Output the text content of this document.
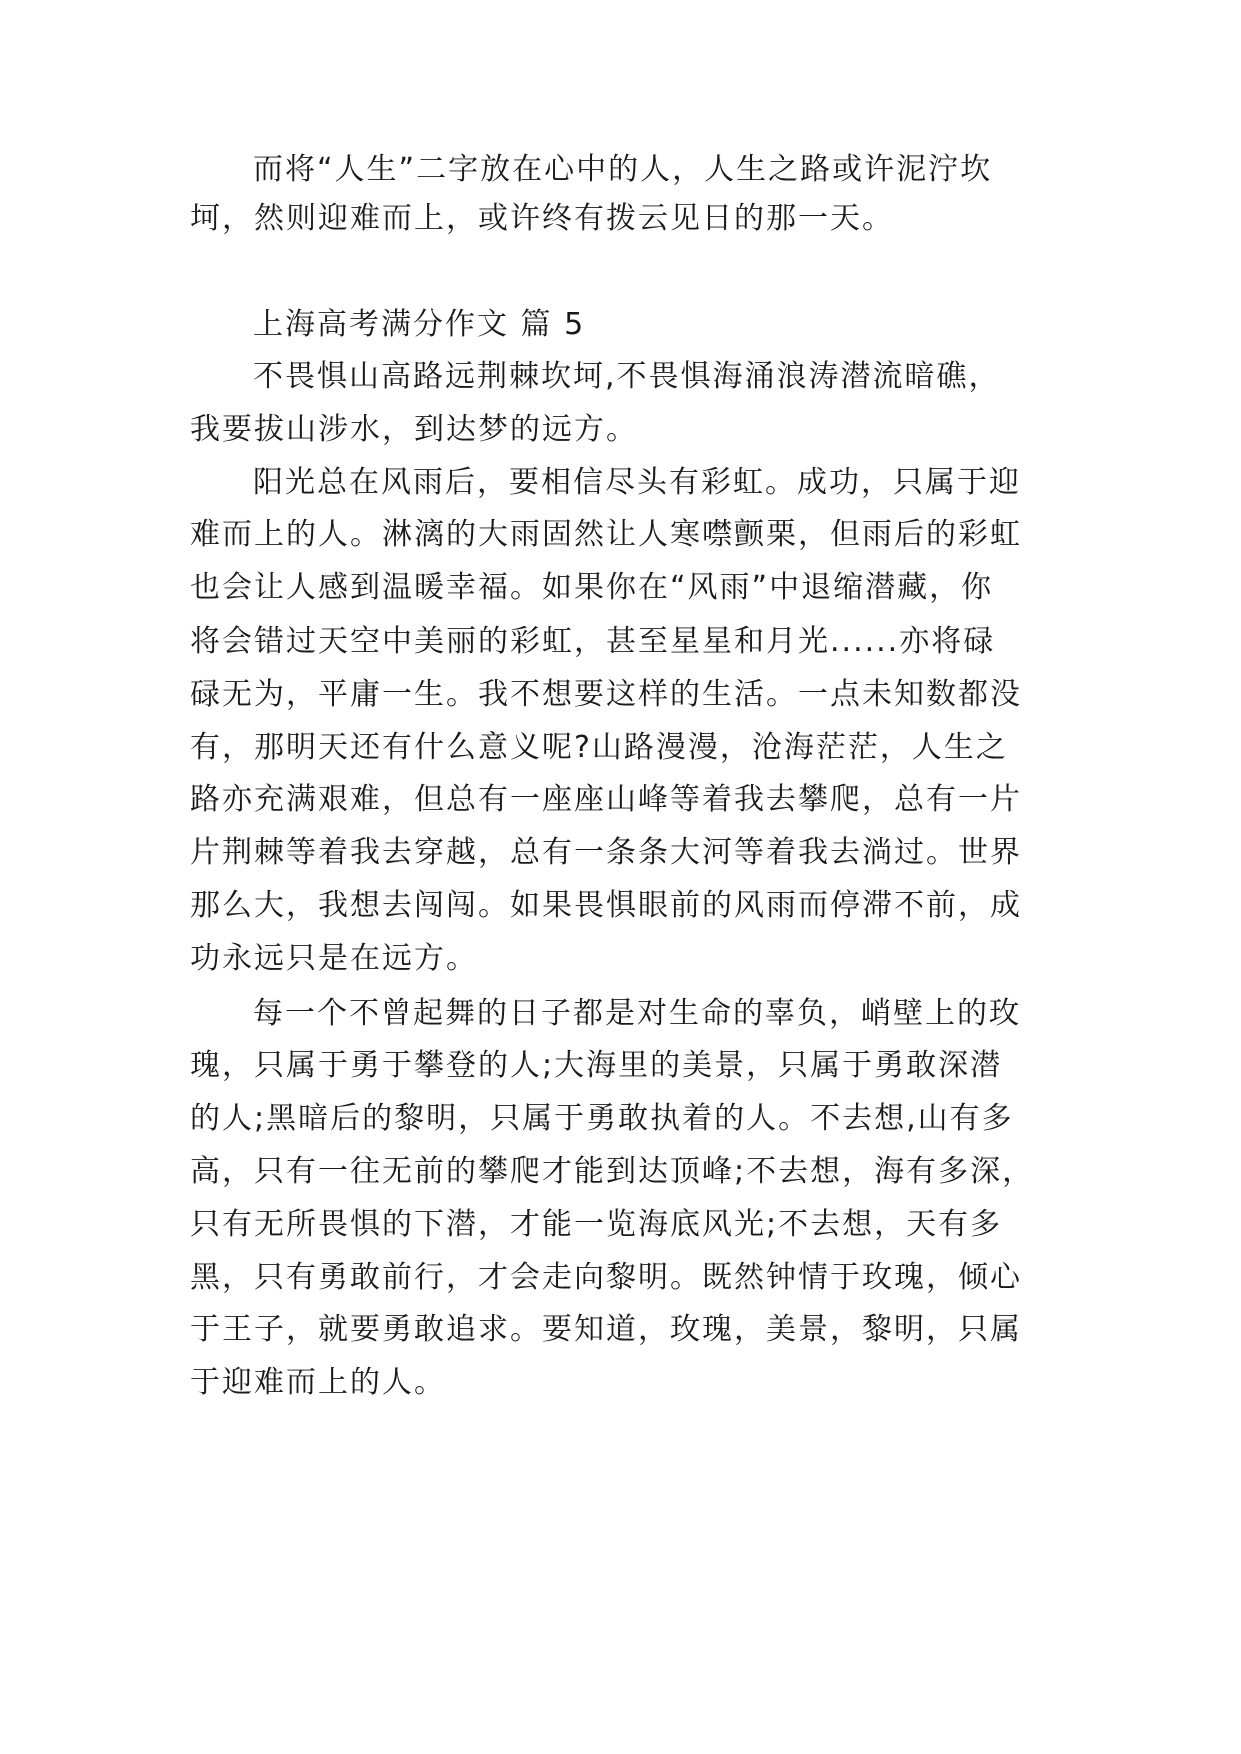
而将“人生”二字放在心中的人，人生之路或许泥泞坎
坷，然则迎难而上，或许终有拨云见日的那一天。
上海高考满分作文 篇 5
不畏惧山高路远荆棘坎坷,不畏惧海涌浪涛潜流暗礁，
我要拔山涉水，到达梦的远方。
阳光总在风雨后，要相信尽头有彩虹。成功，只属于迎
难而上的人。淋漓的大雨固然让人寒噤颤栗，但雨后的彩虹
也会让人感到温暖幸福。如果你在“风雨”中退缩潜藏，你
将会错过天空中美丽的彩虹，甚至星星和月光......亦将碌
碌无为，平庸一生。我不想要这样的生活。一点未知数都没
有，那明天还有什么意义呢?山路漫漫，沧海茫茫，人生之
路亦充满艰难，但总有一座座山峰等着我去攀爬，总有一片
片荆棘等着我去穿越，总有一条条大河等着我去淌过。世界
那么大，我想去闯闯。如果畏惧眼前的风雨而停滞不前，成
功永远只是在远方。
每一个不曾起舞的日子都是对生命的辜负，峭壁上的玫
瑰，只属于勇于攀登的人;大海里的美景，只属于勇敢深潜
的人;黑暗后的黎明，只属于勇敢执着的人。不去想,山有多
高，只有一往无前的攀爬才能到达顶峰;不去想，海有多深，
只有无所畏惧的下潜，才能一览海底风光;不去想，天有多
黑，只有勇敢前行，才会走向黎明。既然钟情于玫瑰，倾心
于王子，就要勇敢追求。要知道，玫瑰，美景，黎明，只属
于迎难而上的人。
